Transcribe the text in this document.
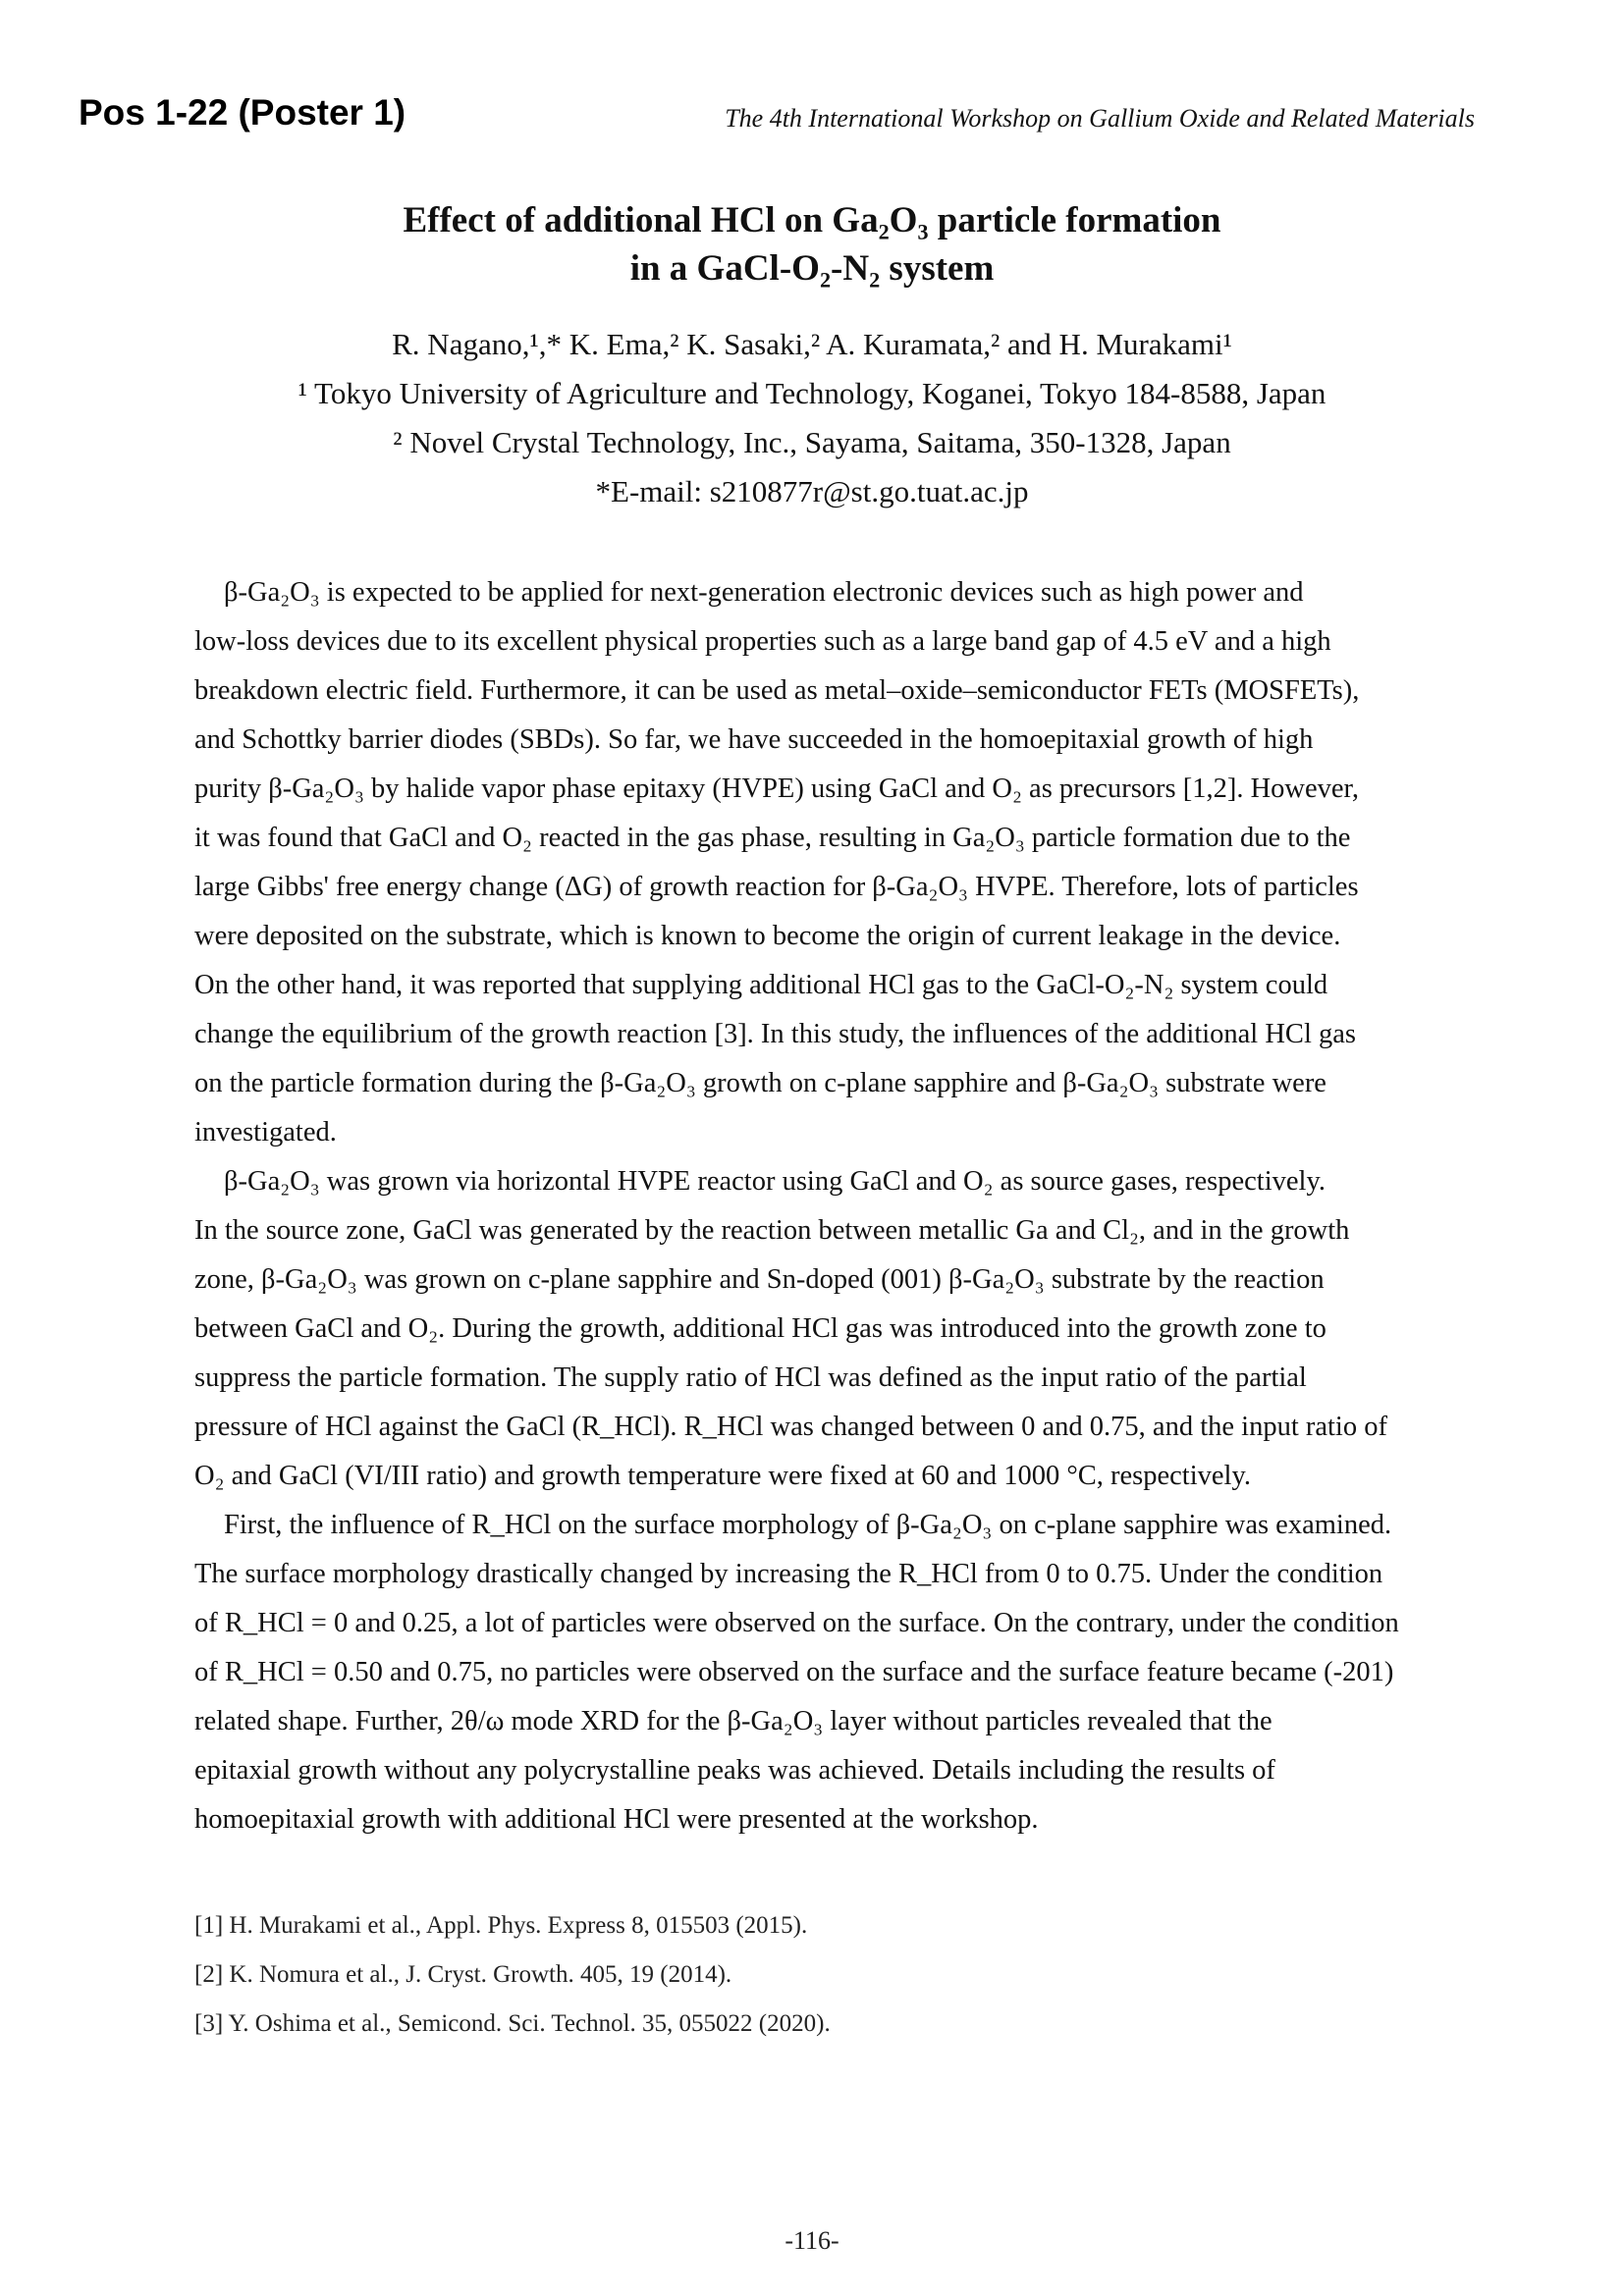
Pos 1-22 (Poster 1)	The 4th International Workshop on Gallium Oxide and Related Materials
Effect of additional HCl on Ga₂O₃ particle formation
in a GaCl-O₂-N₂ system
R. Nagano,¹,* K. Ema,² K. Sasaki,² A. Kuramata,² and H. Murakami¹
¹ Tokyo University of Agriculture and Technology, Koganei, Tokyo 184-8588, Japan
² Novel Crystal Technology, Inc., Sayama, Saitama, 350-1328, Japan
*E-mail: s210877r@st.go.tuat.ac.jp
β-Ga₂O₃ is expected to be applied for next-generation electronic devices such as high power and
low-loss devices due to its excellent physical properties such as a large band gap of 4.5 eV and a high
breakdown electric field. Furthermore, it can be used as metal–oxide–semiconductor FETs (MOSFETs),
and Schottky barrier diodes (SBDs). So far, we have succeeded in the homoepitaxial growth of high
purity β-Ga₂O₃ by halide vapor phase epitaxy (HVPE) using GaCl and O₂ as precursors [1,2]. However,
it was found that GaCl and O₂ reacted in the gas phase, resulting in Ga₂O₃ particle formation due to the
large Gibbs' free energy change (ΔG) of growth reaction for β-Ga₂O₃ HVPE. Therefore, lots of particles
were deposited on the substrate, which is known to become the origin of current leakage in the device.
On the other hand, it was reported that supplying additional HCl gas to the GaCl-O₂-N₂ system could
change the equilibrium of the growth reaction [3]. In this study, the influences of the additional HCl gas
on the particle formation during the β-Ga₂O₃ growth on c-plane sapphire and β-Ga₂O₃ substrate were
investigated.
β-Ga₂O₃ was grown via horizontal HVPE reactor using GaCl and O₂ as source gases, respectively.
In the source zone, GaCl was generated by the reaction between metallic Ga and Cl₂, and in the growth
zone, β-Ga₂O₃ was grown on c-plane sapphire and Sn-doped (001) β-Ga₂O₃ substrate by the reaction
between GaCl and O₂. During the growth, additional HCl gas was introduced into the growth zone to
suppress the particle formation. The supply ratio of HCl was defined as the input ratio of the partial
pressure of HCl against the GaCl (R_HCl). R_HCl was changed between 0 and 0.75, and the input ratio of
O₂ and GaCl (VI/III ratio) and growth temperature were fixed at 60 and 1000 °C, respectively.
First, the influence of R_HCl on the surface morphology of β-Ga₂O₃ on c-plane sapphire was examined.
The surface morphology drastically changed by increasing the R_HCl from 0 to 0.75. Under the condition
of R_HCl = 0 and 0.25, a lot of particles were observed on the surface. On the contrary, under the condition
of R_HCl = 0.50 and 0.75, no particles were observed on the surface and the surface feature became (-201)
related shape. Further, 2θ/ω mode XRD for the β-Ga₂O₃ layer without particles revealed that the
epitaxial growth without any polycrystalline peaks was achieved. Details including the results of
homoepitaxial growth with additional HCl were presented at the workshop.
[1] H. Murakami et al., Appl. Phys. Express 8, 015503 (2015).
[2] K. Nomura et al., J. Cryst. Growth. 405, 19 (2014).
[3] Y. Oshima et al., Semicond. Sci. Technol. 35, 055022 (2020).
-116-
